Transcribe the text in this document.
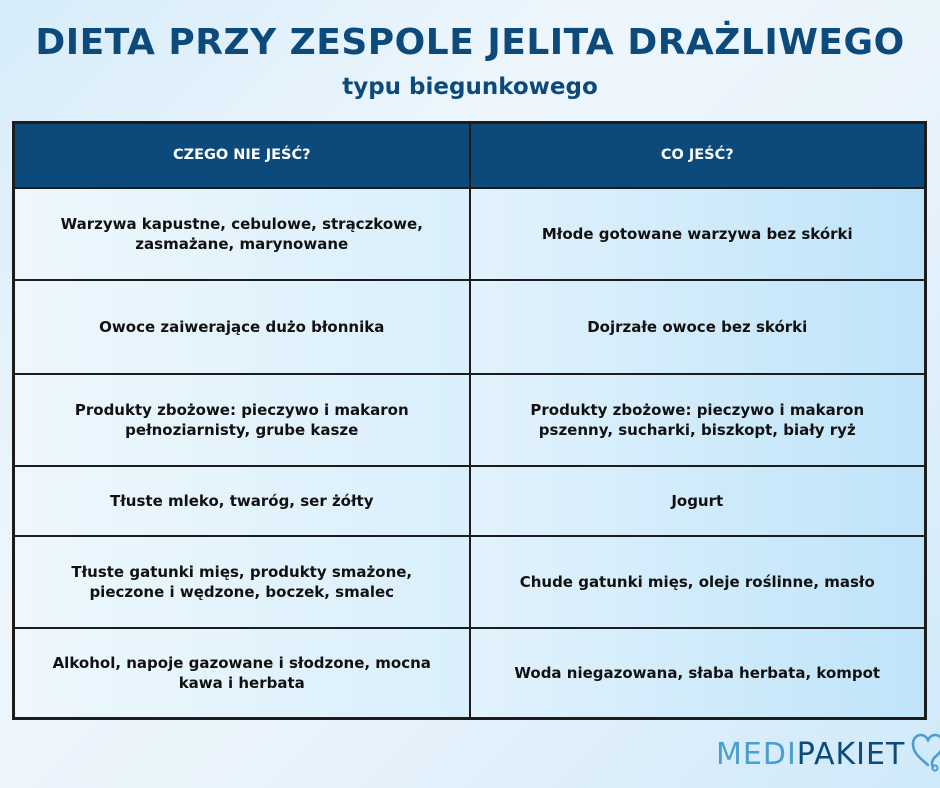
DIETA PRZY ZESPOLE JELITA DRAŻLIWEGO
typu biegunkowego
CZEGO NIE JEŚĆ?	CO JEŚĆ?
Warzywa kapustne, cebulowe, strączkowe, zasmażane, marynowane	Młode gotowane warzywa bez skórki
Owoce zaiwerające dużo błonnika	Dojrzałe owoce bez skórki
Produkty zbożowe: pieczywo i makaron pełnoziarnisty, grube kasze	Produkty zbożowe: pieczywo i makaron pszenny, sucharki, biszkopt, biały ryż
Tłuste mleko, twaróg, ser żółty	Jogurt
Tłuste gatunki mięs, produkty smażone, pieczone i wędzone, boczek, smalec	Chude gatunki mięs, oleje roślinne, masło
Alkohol, napoje gazowane i słodzone, mocna kawa i herbata	Woda niegazowana, słaba herbata, kompot
MEDIPAKIET
